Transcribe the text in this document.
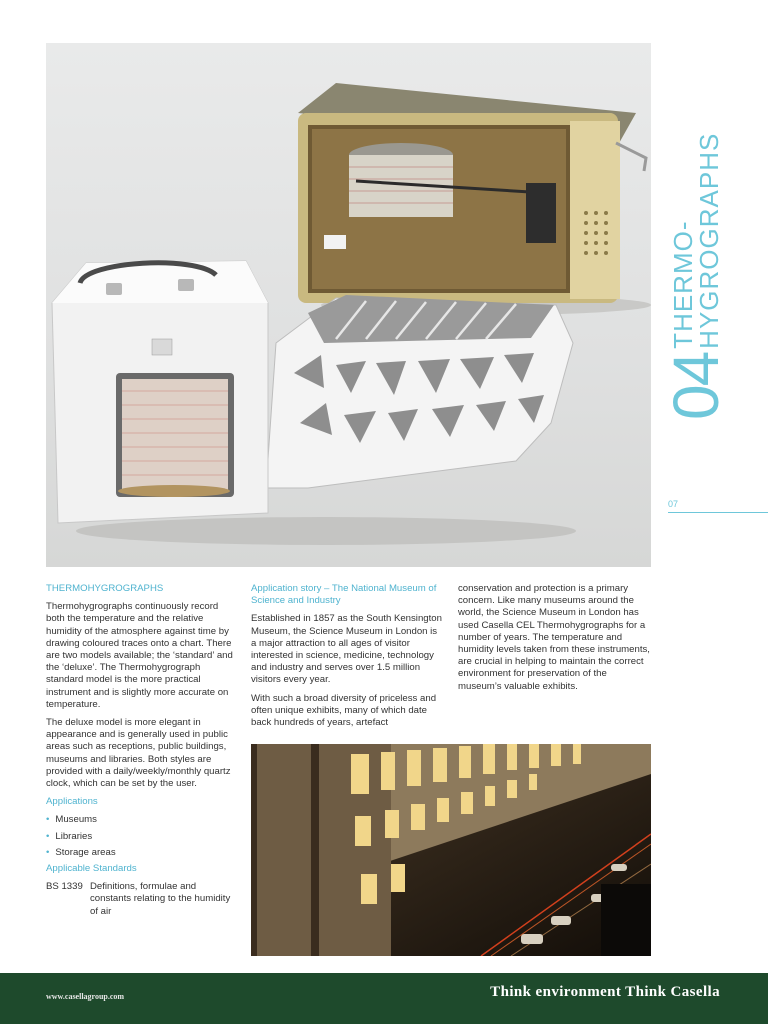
04
THERMO-
HYGROGRAPHS
07
THERMOHYGROGRAPHS

Thermohygrographs continuously record both the temperature and the relative humidity of the atmosphere against time by drawing coloured traces onto a chart. There are two models available; the ‘standard’ and the ‘deluxe’. The Thermohygrograph standard model is the more practical instrument and is slightly more accurate on temperature.

The deluxe model is more elegant in appearance and is generally used in public areas such as receptions, public buildings, museums and libraries. Both styles are provided with a daily/weekly/monthly quartz clock, which can be set by the user.

Applications
• Museums
• Libraries
• Storage areas
Applicable Standards
BS 1339 Definitions, formulae and constants relating to the humidity of air
Application story – The National Museum of Science and Industry

Established in 1857 as the South Kensington Museum, the Science Museum in London is a major attraction to all ages of visitor interested in science, medicine, technology and industry and serves over 1.5 million visitors every year.

With such a broad diversity of priceless and often unique exhibits, many of which date back hundreds of years, artefact

conservation and protection is a primary concern. Like many museums around the world, the Science Museum in London has used Casella CEL Thermohygrographs for a number of years. The temperature and humidity levels taken from these instruments, are crucial in helping to maintain the correct environment for preservation of the museum’s valuable exhibits.

www.casellagroup.com	Think environment Think Casella
